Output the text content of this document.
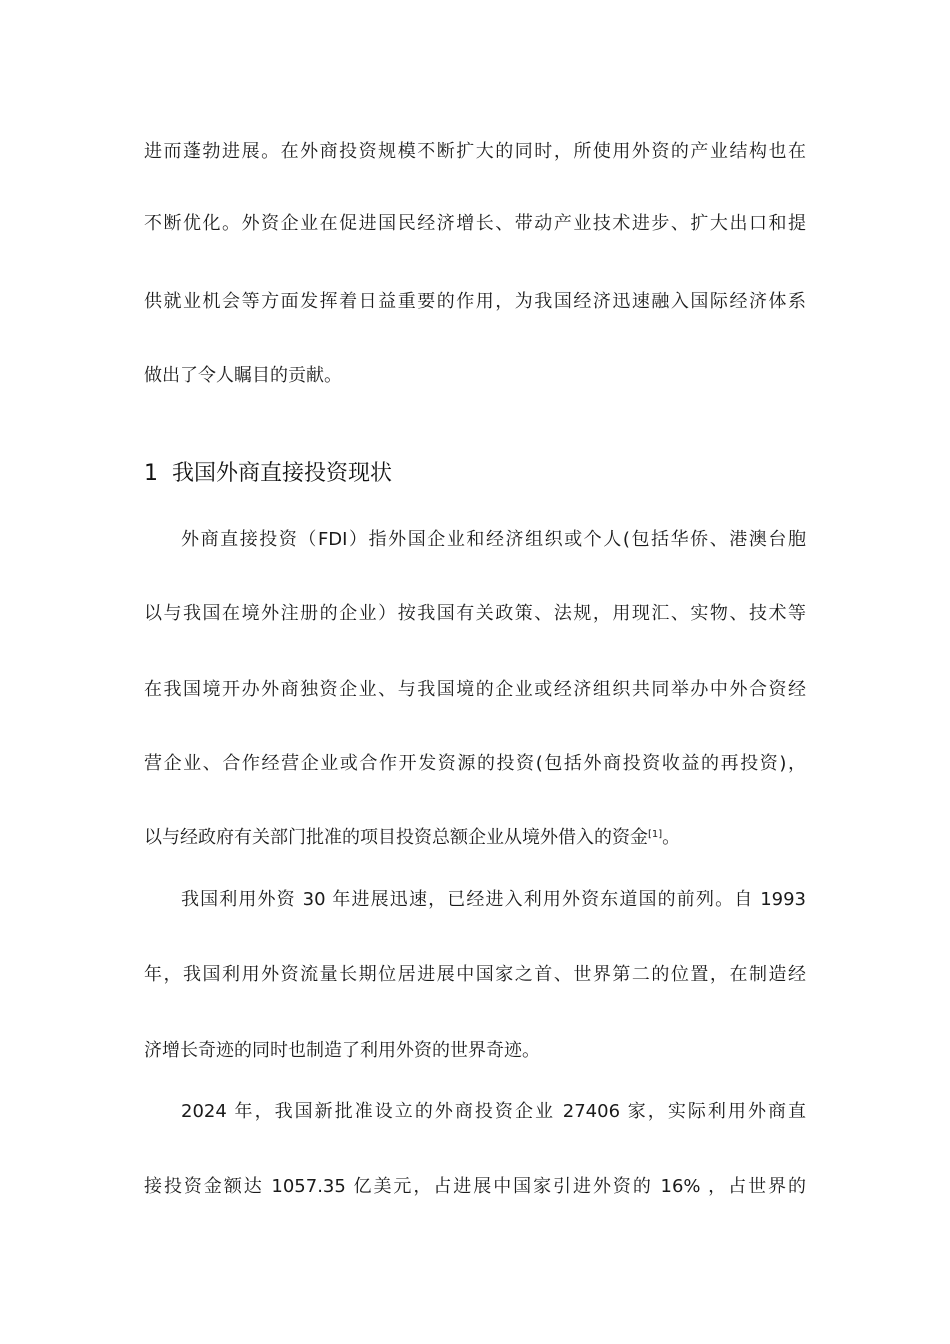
进而蓬勃进展。在外商投资规模不断扩大的同时，所使用外资的产业结构也在
不断优化。外资企业在促进国民经济增长、带动产业技术进步、扩大出口和提
供就业机会等方面发挥着日益重要的作用，为我国经济迅速融入国际经济体系
做出了令人瞩目的贡献。
1 我国外商直接投资现状
外商直接投资（FDI）指外国企业和经济组织或个人(包括华侨、港澳台胞
以与我国在境外注册的企业）按我国有关政策、法规，用现汇、实物、技术等
在我国境开办外商独资企业、与我国境的企业或经济组织共同举办中外合资经
营企业、合作经营企业或合作开发资源的投资(包括外商投资收益的再投资)，
以与经政府有关部门批准的项目投资总额企业从境外借入的资金[1]。
我国利用外资 30 年进展迅速，已经进入利用外资东道国的前列。自 1993
年，我国利用外资流量长期位居进展中国家之首、世界第二的位置，在制造经
济增长奇迹的同时也制造了利用外资的世界奇迹。
2024 年，我国新批准设立的外商投资企业 27406 家，实际利用外商直
接投资金额达 1057.35 亿美元，占进展中国家引进外资的 16% ，占世界的
